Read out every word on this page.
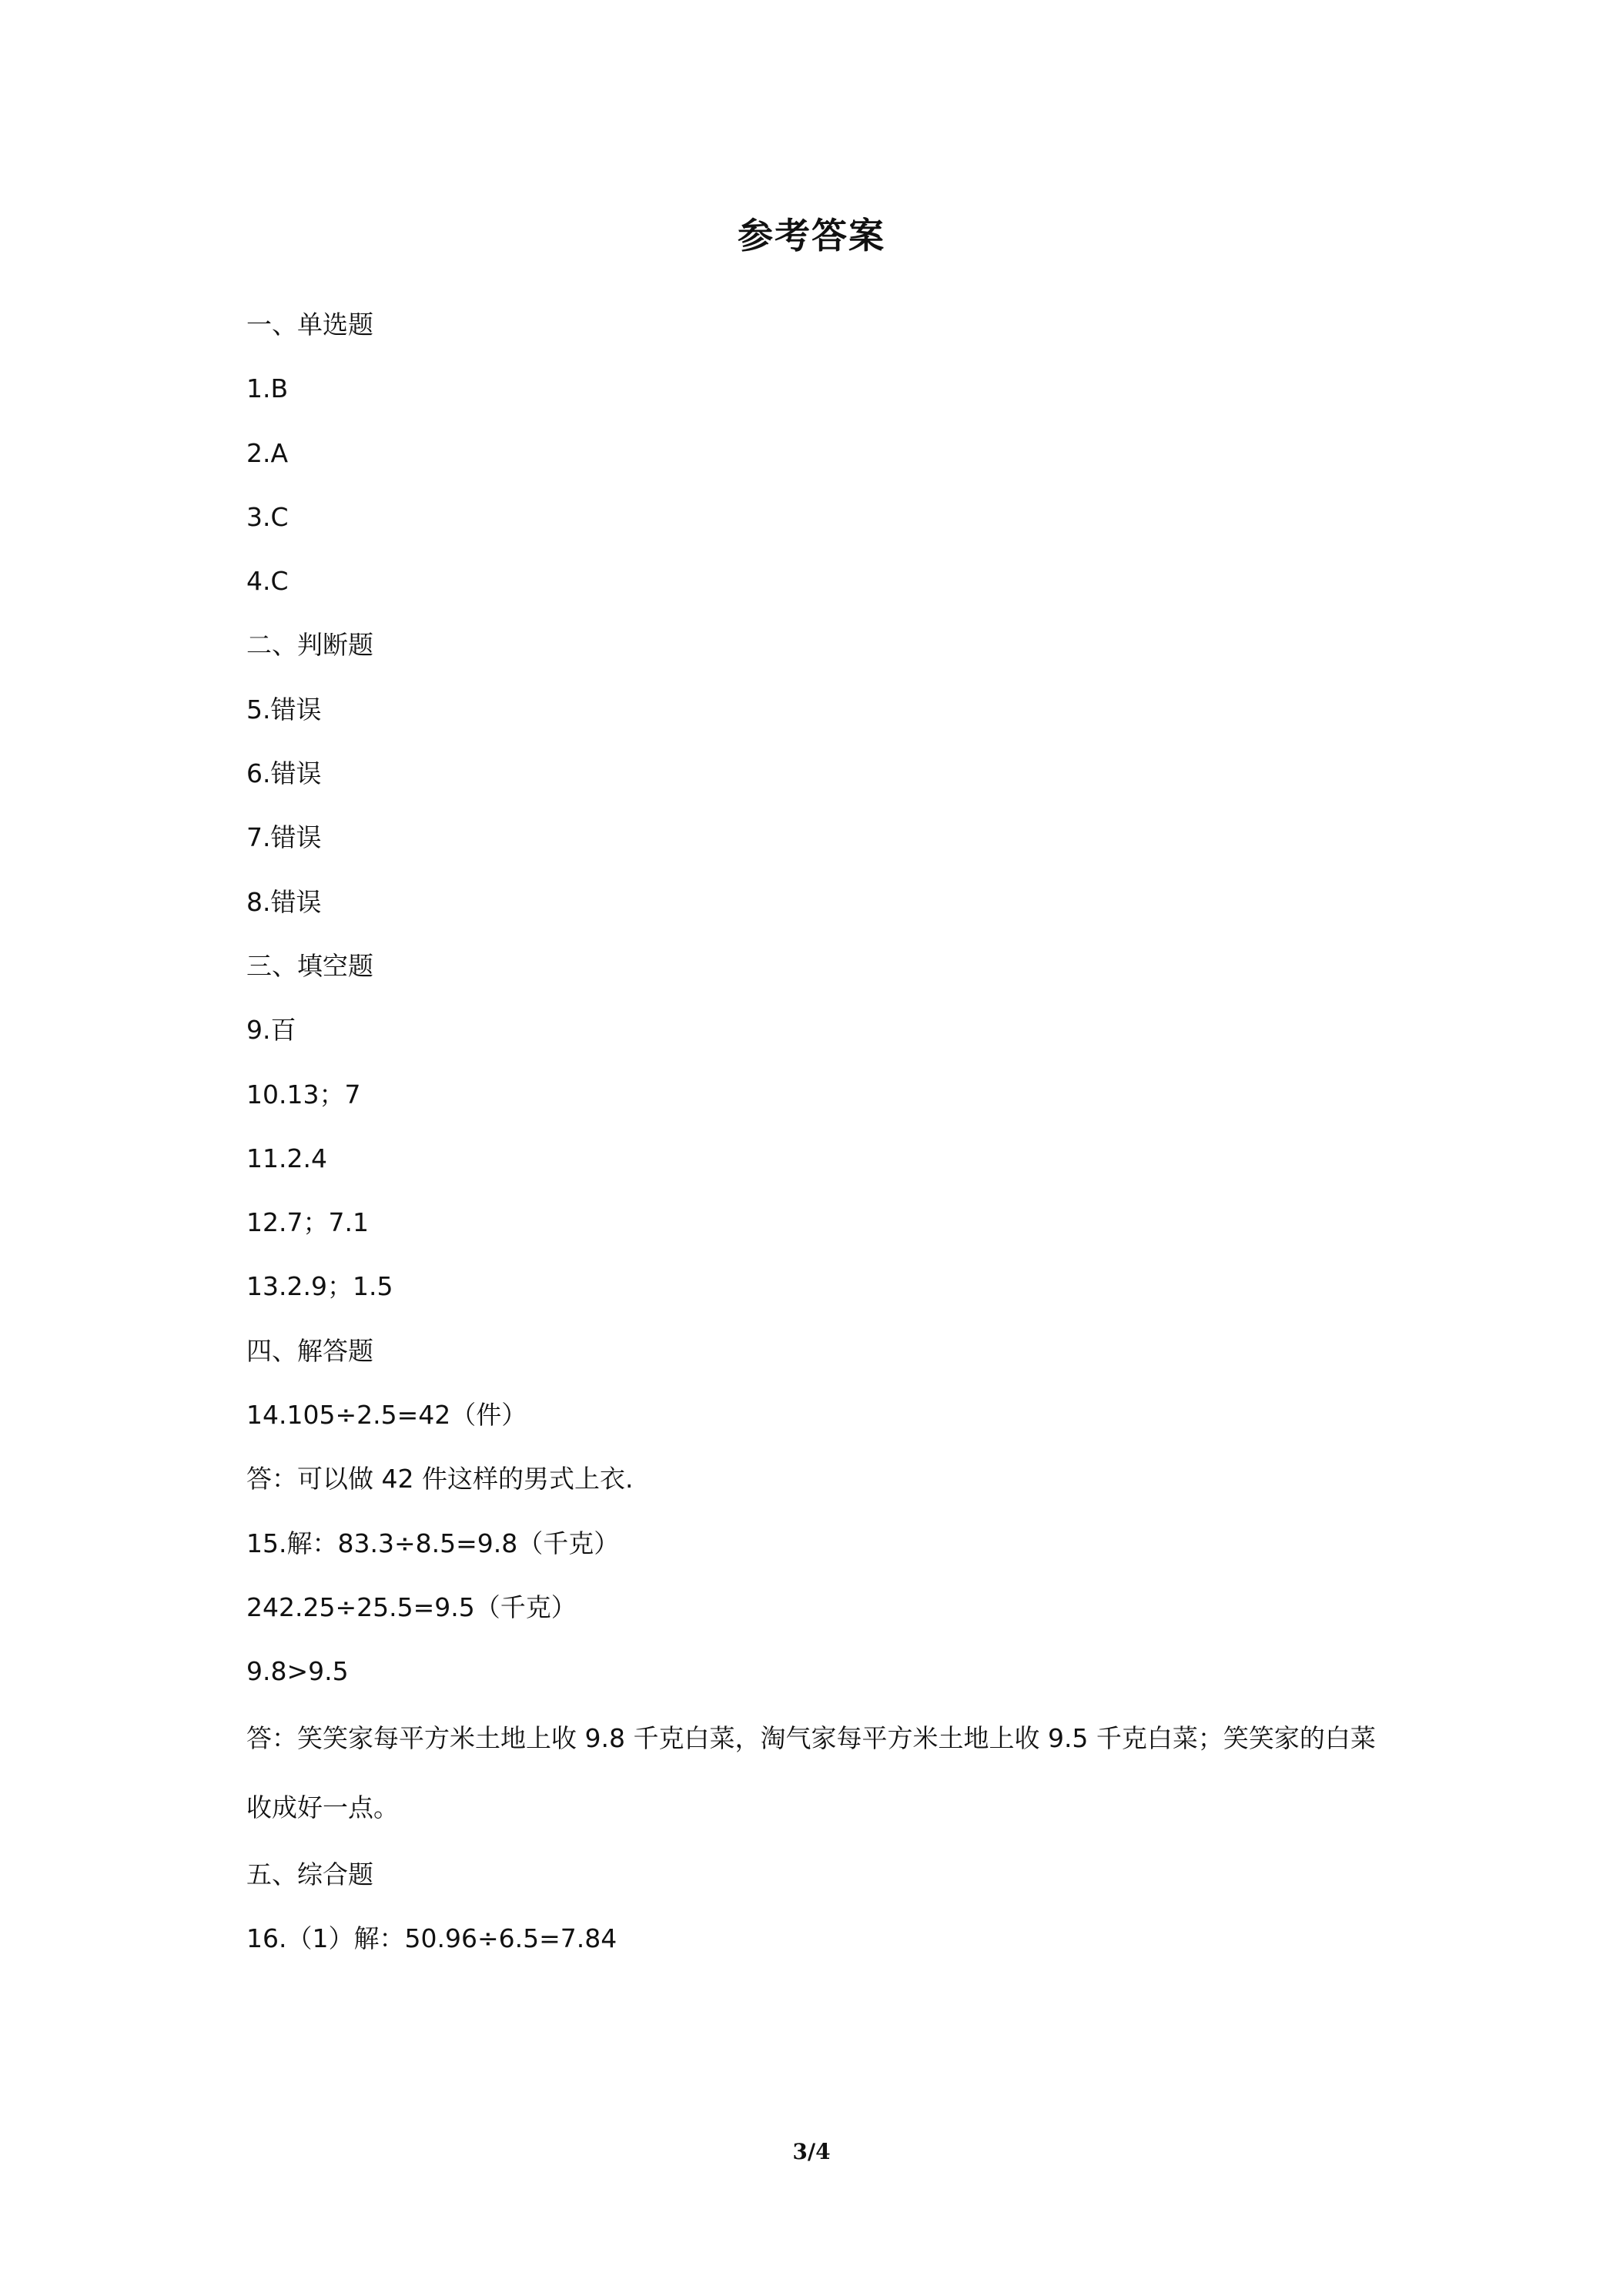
参考答案
一、单选题
1.B
2.A
3.C
4.C
二、判断题
5.错误
6.错误
7.错误
8.错误
三、填空题
9.百
10.13；7
11.2.4
12.7；7.1
13.2.9；1.5
四、解答题
14.105÷2.5=42（件）
答：可以做 42 件这样的男式上衣.
15.解：83.3÷8.5=9.8（千克）
242.25÷25.5=9.5（千克）
9.8>9.5
答：笑笑家每平方米土地上收 9.8 千克白菜，淘气家每平方米土地上收 9.5 千克白菜；笑笑家的白菜收成好一点。
五、综合题
16.（1）解：50.96÷6.5=7.84
3/4
